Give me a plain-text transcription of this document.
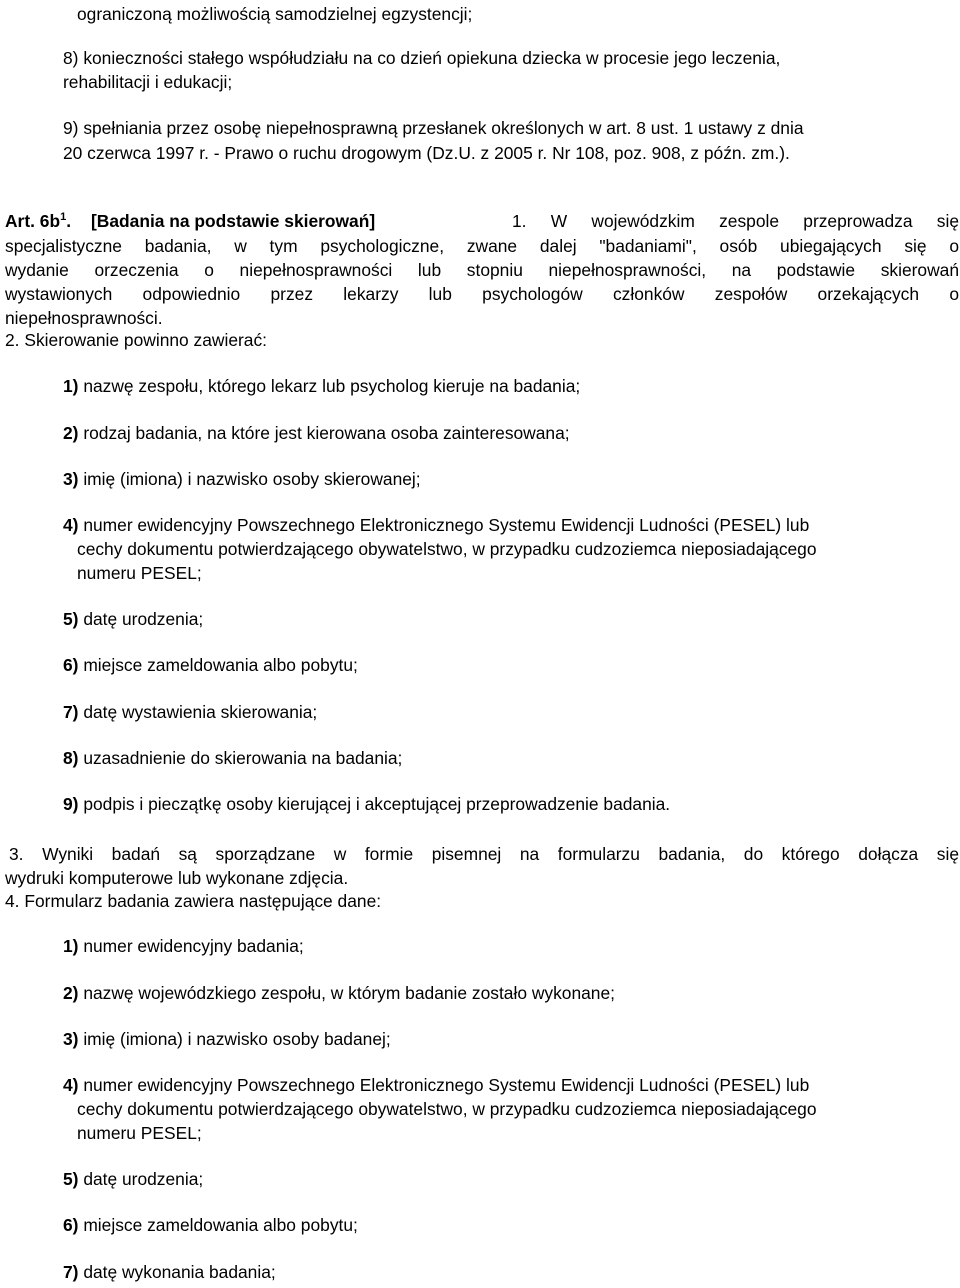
ograniczoną możliwością samodzielnej egzystencji;
8) konieczności stałego współudziału na co dzień opiekuna dziecka w procesie jego leczenia,
rehabilitacji i edukacji;
9) spełniania przez osobę niepełnosprawną przesłanek określonych w art. 8 ust. 1 ustawy z dnia
20 czerwca 1997 r. - Prawo o ruchu drogowym (Dz.U. z 2005 r. Nr 108, poz. 908, z późn. zm.).
Art. $6b^1$. [Badania na podstawie skierowań]	1. W wojewódzkim zespole przeprowadza się
specjalistyczne badania, w tym psychologiczne, zwane dalej "badaniami", osób ubiegających się o
wydanie orzeczenia o niepełnosprawności lub stopniu niepełnosprawności, na podstawie skierowań
wystawionych odpowiednio przez lekarzy lub psychologów członków zespołów orzekających o
niepełnosprawności.
2. Skierowanie powinno zawierać:
1) nazwę zespołu, którego lekarz lub psycholog kieruje na badania;
2) rodzaj badania, na które jest kierowana osoba zainteresowana;
3) imię (imiona) i nazwisko osoby skierowanej;
4) numer ewidencyjny Powszechnego Elektronicznego Systemu Ewidencji Ludności (PESEL) lub
cechy dokumentu potwierdzającego obywatelstwo, w przypadku cudzoziemca nieposiadającego
numeru PESEL;
5) datę urodzenia;
6) miejsce zameldowania albo pobytu;
7) datę wystawienia skierowania;
8) uzasadnienie do skierowania na badania;
9) podpis i pieczątkę osoby kierującej i akceptującej przeprowadzenie badania.
3. Wyniki badań są sporządzane w formie pisemnej na formularzu badania, do którego dołącza się
wydruki komputerowe lub wykonane zdjęcia.
4. Formularz badania zawiera następujące dane:
1) numer ewidencyjny badania;
2) nazwę wojewódzkiego zespołu, w którym badanie zostało wykonane;
3) imię (imiona) i nazwisko osoby badanej;
4) numer ewidencyjny Powszechnego Elektronicznego Systemu Ewidencji Ludności (PESEL) lub
cechy dokumentu potwierdzającego obywatelstwo, w przypadku cudzoziemca nieposiadającego
numeru PESEL;
5) datę urodzenia;
6) miejsce zameldowania albo pobytu;
7) datę wykonania badania;
